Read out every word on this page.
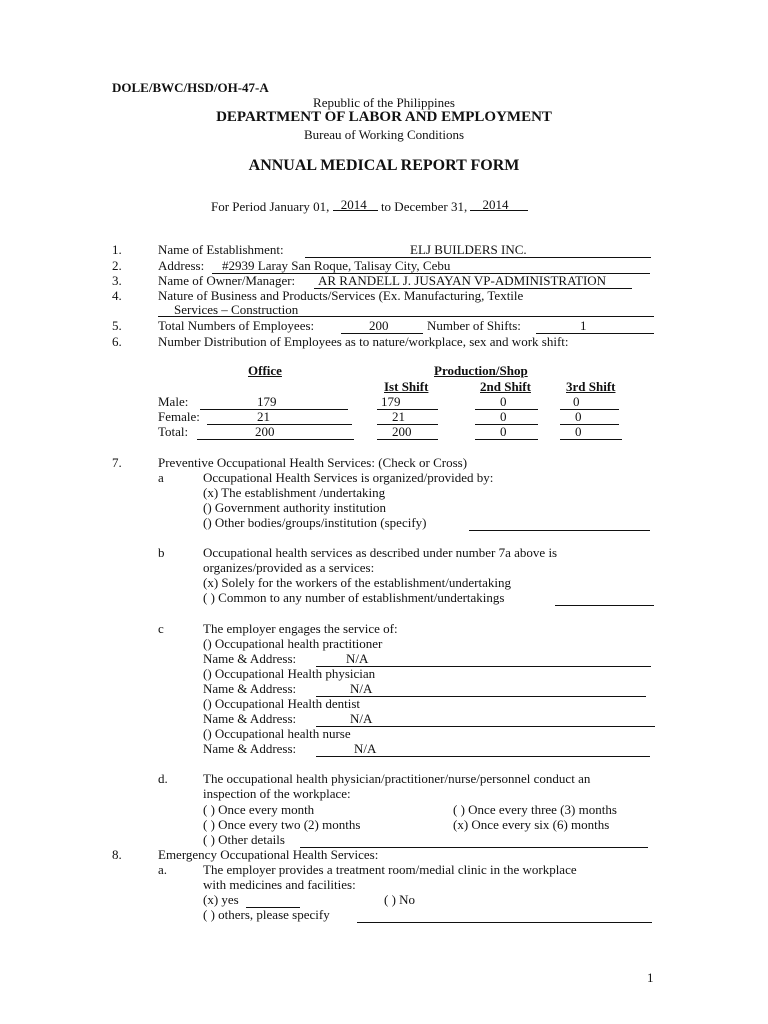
DOLE/BWC/HSD/OH-47-A
Republic of the Philippines
DEPARTMENT OF LABOR AND EMPLOYMENT
Bureau of Working Conditions
ANNUAL MEDICAL REPORT FORM
For Period January 01, 2014 to December 31, 2014
1.	Name of Establishment:	ELJ BUILDERS INC.
2.	Address: #2939 Laray San Roque, Talisay City, Cebu
3.	Name of Owner/Manager: AR RANDELL J. JUSAYAN VP-ADMINISTRATION
4.	Nature of Business and Products/Services (Ex. Manufacturing, Textile
Services – Construction
5.	Total Numbers of Employees:	200	Number of Shifts:	1
6.	Number Distribution of Employees as to nature/workplace, sex and work shift:
Office	Production/Shop
Ist Shift	2nd Shift	3rd Shift
Male:	179	179	0	0
Female:	21	21	0	0
Total:	200	200	0	0
7.	Preventive Occupational Health Services: (Check or Cross)
a	Occupational Health Services is organized/provided by:
(x) The establishment /undertaking
() Government authority institution
() Other bodies/groups/institution (specify)
b	Occupational health services as described under number 7a above is
organizes/provided as a services:
(x) Solely for the workers of the establishment/undertaking
( ) Common to any number of establishment/undertakings
c	The employer engages the service of:
() Occupational health practitioner
Name & Address:	N/A
() Occupational Health physician
Name & Address:	N/A
() Occupational Health dentist
Name & Address:	N/A
() Occupational health nurse
Name & Address:	N/A
d.	The occupational health physician/practitioner/nurse/personnel conduct an
inspection of the workplace:
( ) Once every month	( ) Once every three (3) months
( ) Once every two (2) months	(x) Once every six (6) months
( ) Other details
8.	Emergency Occupational Health Services:
a.	The employer provides a treatment room/medial clinic in the workplace
with medicines and facilities:
(x) yes	( ) No
( ) others, please specify
1
